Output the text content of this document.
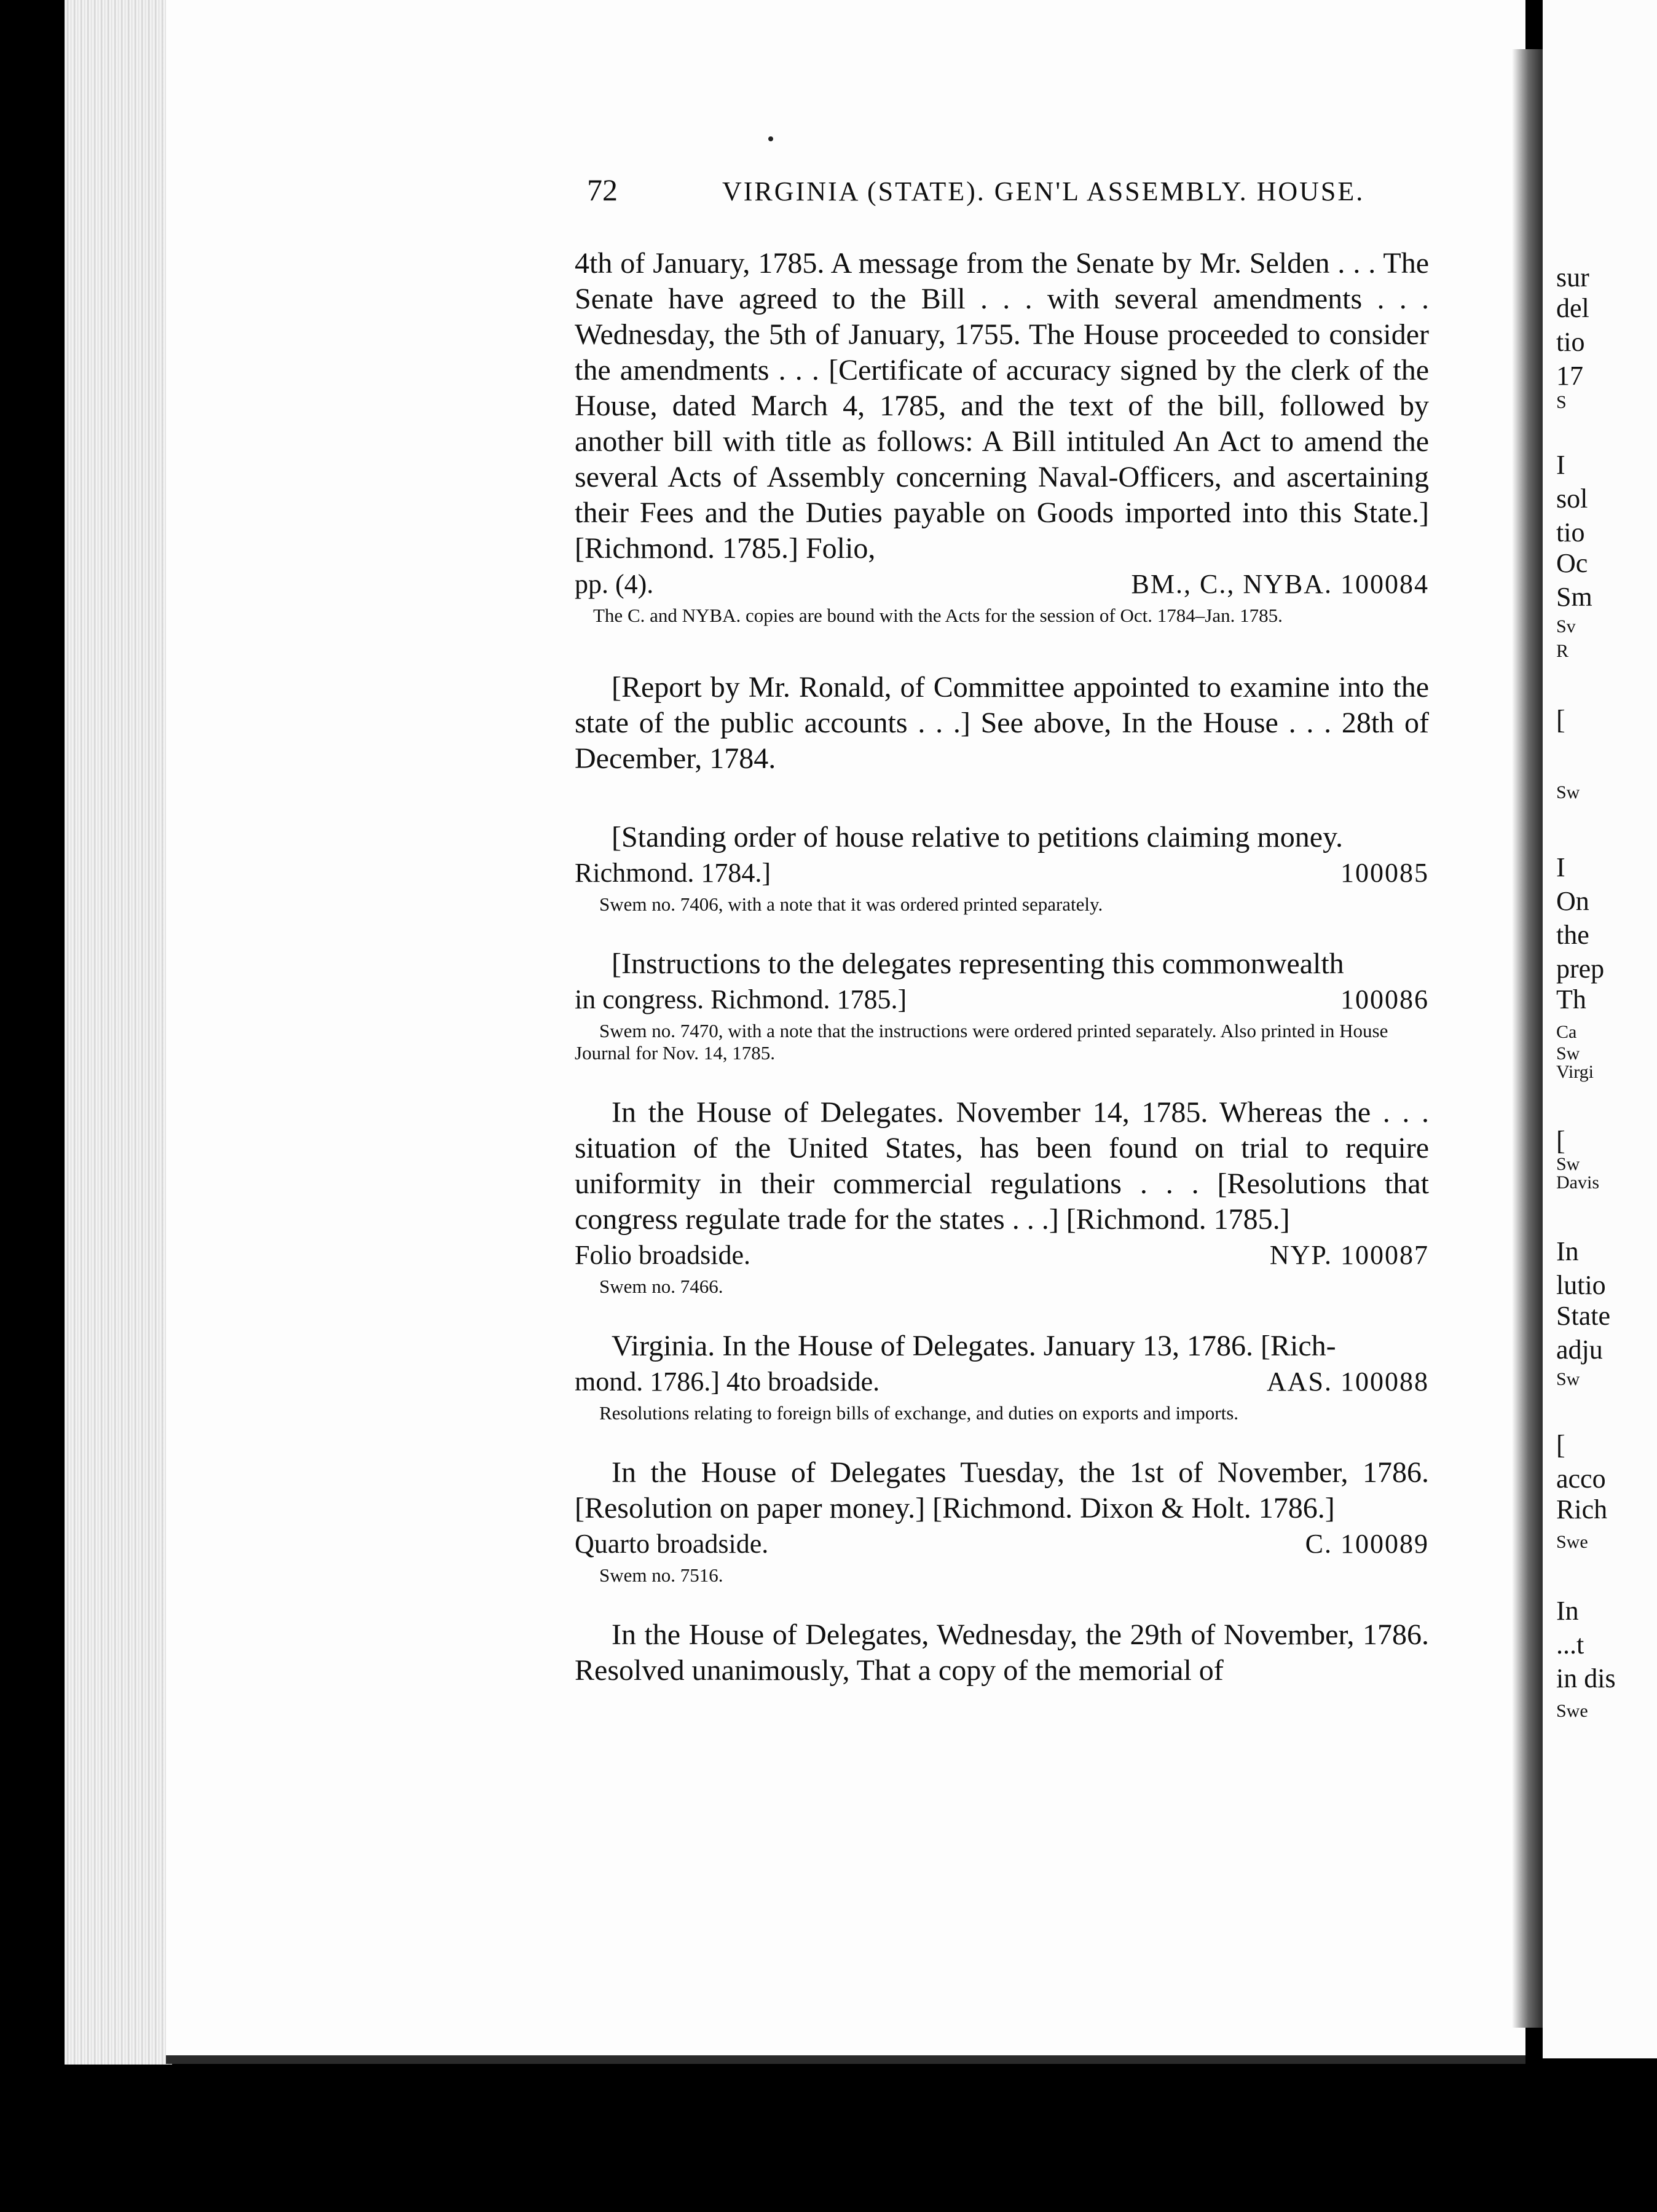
sur
del
tio
17
S
I
sol
tio
Oc
Sm
Sv
R
[
Sw
I
On
the
prep
Th
Ca
Sw
Virgi
[
Sw
Davis
In
lutio
State
adju
Sw
[
acco
Rich
Swe
In
...t
in dis
Swe
72	VIRGINIA (STATE). GEN'L ASSEMBLY. HOUSE.

4th of January, 1785. A message from the Senate by Mr. Selden . . . The Senate have agreed to the Bill . . . with several amendments . . . Wednesday, the 5th of January, 1755. The House proceeded to consider the amendments . . . [Certificate of accuracy signed by the clerk of the House, dated March 4, 1785, and the text of the bill, followed by another bill with title as follows: A Bill intituled An Act to amend the several Acts of Assembly concerning Naval-Officers, and ascertaining their Fees and the Duties payable on Goods imported into this State.] [Richmond. 1785.] Folio,

pp. (4).	BM., C., NYBA. 100084

The C. and NYBA. copies are bound with the Acts for the session of Oct. 1784–Jan. 1785.

[Report by Mr. Ronald, of Committee appointed to examine into the state of the public accounts . . .] See above, In the House . . . 28th of December, 1784.

[Standing order of house relative to petitions claiming money.

Richmond. 1784.]	100085

Swem no. 7406, with a note that it was ordered printed separately.

[Instructions to the delegates representing this commonwealth

in congress. Richmond. 1785.]	100086

Swem no. 7470, with a note that the instructions were ordered printed separately. Also printed in House Journal for Nov. 14, 1785.

In the House of Delegates. November 14, 1785. Whereas the . . . situation of the United States, has been found on trial to require uniformity in their commercial regulations . . . [Resolutions that congress regulate trade for the states . . .] [Richmond. 1785.]

Folio broadside.	NYP. 100087

Swem no. 7466.

Virginia. In the House of Delegates. January 13, 1786. [Rich-

mond. 1786.] 4to broadside.	AAS. 100088

Resolutions relating to foreign bills of exchange, and duties on exports and imports.

In the House of Delegates Tuesday, the 1st of November, 1786. [Resolution on paper money.] [Richmond. Dixon & Holt. 1786.]

Quarto broadside.	C. 100089

Swem no. 7516.

In the House of Delegates, Wednesday, the 29th of November, 1786. Resolved unanimously, That a copy of the memorial of
